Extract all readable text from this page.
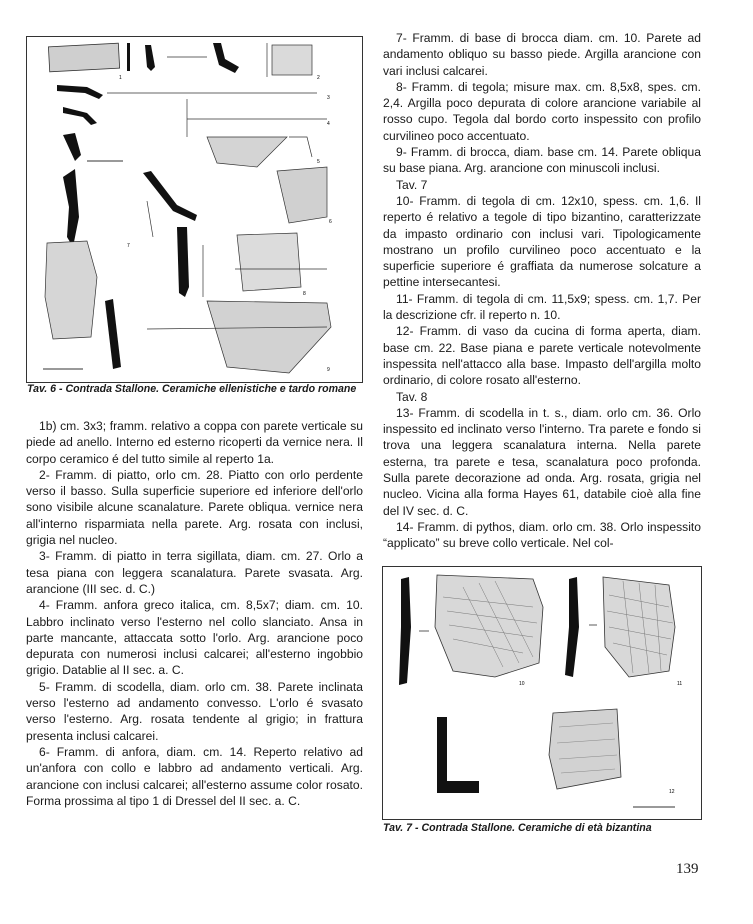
1	2
3
4
5
6
7
8
9
Tav. 6 - Contrada Stallone. Ceramiche ellenistiche e tardo romane

1b) cm. 3x3; framm. relativo a coppa con parete verticale su piede ad anello. Interno ed esterno ricoperti da vernice nera. Il corpo ceramico é del tutto simile al reperto 1a.

2- Framm. di piatto, orlo cm. 28. Piatto con orlo perdente verso il basso. Sulla superficie superiore ed inferiore dell'orlo sono visibile alcune scanalature. Parete obliqua. vernice nera all'interno risparmiata nella parete. Arg. rosata con inclusi, grigia nel nucleo.

3- Framm. di piatto in terra sigillata, diam. cm. 27. Orlo a tesa piana con leggera scanalatura. Parete svasata. Arg. arancione (III sec. d. C.)

4- Framm. anfora greco italica, cm. 8,5x7; diam. cm. 10. Labbro inclinato verso l'esterno nel collo slanciato. Ansa in parte mancante, attaccata sotto l'orlo. Arg. arancione poco depurata con numerosi inclusi calcarei; all'esterno ingobbio grigio. Datablie al II sec. a. C.

5- Framm. di scodella, diam. orlo cm. 38. Parete inclinata verso l'esterno ad andamento convesso. L'orlo é svasato verso l'esterno. Arg. rosata tendente al grigio; in frattura presenta inclusi calcarei.

6- Framm. di anfora, diam. cm. 14. Reperto relativo ad un'anfora con collo e labbro ad andamento verticali. Arg. arancione con inclusi calcarei; all'esterno assume color rosato. Forma prossima al tipo 1 di Dressel del II sec. a. C.

7- Framm. di base di brocca diam. cm. 10. Parete ad andamento obliquo su basso piede. Argilla arancione con vari inclusi calcarei.

8- Framm. di tegola; misure max. cm. 8,5x8, spes. cm. 2,4. Argilla poco depurata di colore arancione variabile al rosso cupo. Tegola dal bordo corto inspessito con profilo curvilineo poco accentuato.

9- Framm. di brocca, diam. base cm. 14. Parete obliqua su base piana. Arg. arancione con minuscoli inclusi.

Tav. 7

10- Framm. di tegola di cm. 12x10, spess. cm. 1,6. Il reperto é relativo a tegole di tipo bizantino, caratterizzate da impasto ordinario con inclusi vari. Tipologicamente mostrano un profilo curvilineo poco accentuato e la superficie superiore é graffiata da numerose solcature a pettine intersecantesi.

11- Framm. di tegola di cm. 11,5x9; spess. cm. 1,7. Per la descrizione cfr. il reperto n. 10.

12- Framm. di vaso da cucina di forma aperta, diam. base cm. 22. Base piana e parete verticale notevolmente inspessita nell'attacco alla base. Impasto dell'argilla molto ordinario, di colore rosato all'esterno.

Tav. 8

13- Framm. di scodella in t. s., diam. orlo cm. 36. Orlo inspessito ed inclinato verso l'interno. Tra parete e fondo si trova una leggera scanalatura interna. Nella parete esterna, tra parete e tesa, scanalatura poco profonda. Sulla parete decorazione ad onda. Arg. rosata, grigia nel nucleo. Vicina alla forma Hayes 61, databile cioè alla fine del IV sec. d. C.

14- Framm. di pythos, diam. orlo cm. 38. Orlo inspessito “applicato” su breve collo verticale. Nel col-

10	11
12
Tav. 7 - Contrada Stallone. Ceramiche di età bizantina
139
